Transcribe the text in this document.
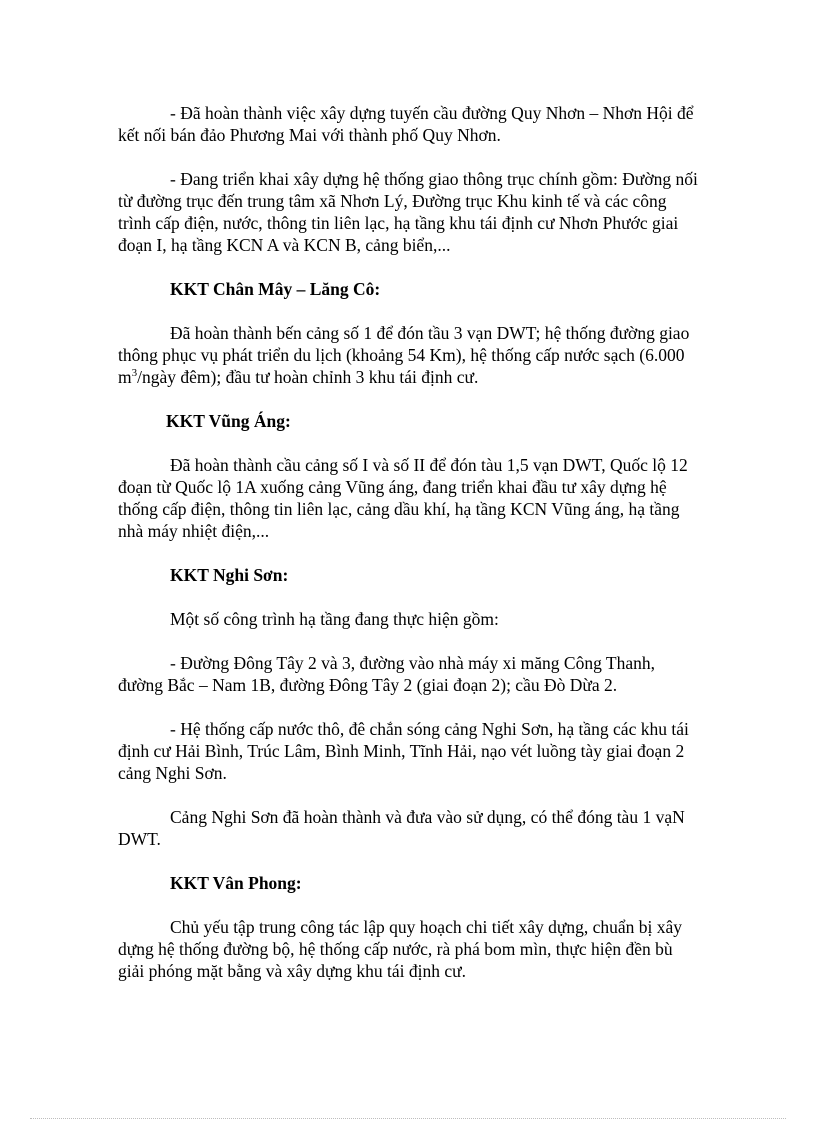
- Đã hoàn thành việc xây dựng tuyến cầu đường Quy Nhơn – Nhơn Hội để kết nối bán đảo Phương Mai với thành phố Quy Nhơn.

- Đang triển khai xây dựng hệ thống giao thông trục chính gồm: Đường nối từ đường trục đến trung tâm xã Nhơn Lý, Đường trục Khu kinh tế và các công trình cấp điện, nước, thông tin liên lạc, hạ tầng khu tái định cư Nhơn Phước giai đoạn I, hạ tầng KCN A và KCN B, cảng biển,...

KKT Chân Mây – Lăng Cô:

Đã hoàn thành bến cảng số 1 để đón tầu 3 vạn DWT; hệ thống đường giao thông phục vụ phát triển du lịch (khoảng 54 Km), hệ thống cấp nước sạch (6.000 $m^3$/ngày đêm); đầu tư hoàn chỉnh 3 khu tái định cư.

KKT Vũng Áng:

Đã hoàn thành cầu cảng số I và số II để đón tàu 1,5 vạn DWT, Quốc lộ 12 đoạn từ Quốc lộ 1A xuống cảng Vũng áng, đang triển khai đầu tư xây dựng hệ thống cấp điện, thông tin liên lạc, cảng dầu khí, hạ tầng KCN Vũng áng, hạ tầng nhà máy nhiệt điện,...

KKT Nghi Sơn:

Một số công trình hạ tầng đang thực hiện gồm:

- Đường Đông Tây 2 và 3, đường vào nhà máy xi măng Công Thanh, đường Bắc – Nam 1B, đường Đông Tây 2 (giai đoạn 2); cầu Đò Dừa 2.

- Hệ thống cấp nước thô, đê chắn sóng cảng Nghi Sơn, hạ tầng các khu tái định cư Hải Bình, Trúc Lâm, Bình Minh, Tĩnh Hải, nạo vét luồng tày giai đoạn 2 cảng Nghi Sơn.

Cảng Nghi Sơn đã hoàn thành và đưa vào sử dụng, có thể đóng tàu 1 vạN DWT.

KKT Vân Phong:

Chủ yếu tập trung công tác lập quy hoạch chi tiết xây dựng, chuẩn bị xây dựng hệ thống đường bộ, hệ thống cấp nước, rà phá bom mìn, thực hiện đền bù giải phóng mặt bằng và xây dựng khu tái định cư.
